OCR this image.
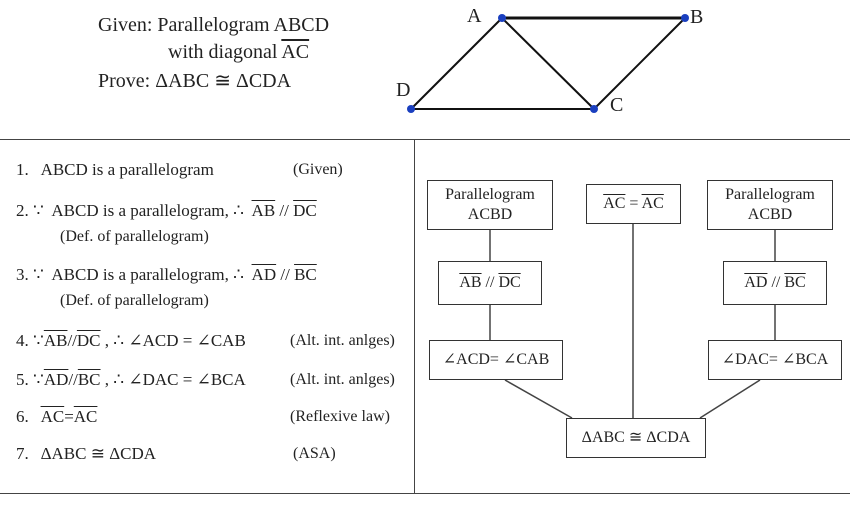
Given: Parallelogram ABCD
with diagonal $\overline{AC}$
Prove: ΔABC ≅ ΔCDA
A	B
C
D
1. ABCD is a parallelogram	(Given)
2. ∵ ABCD is a parallelogram, ∴ $\overline{AB} // \overline{DC}$
(Def. of parallelogram)
3. ∵ ABCD is a parallelogram, ∴ $\overline{AD} // \overline{BC}$
(Def. of parallelogram)
4. $\because\overline{AB}//\overline{DC}$ , ∴ ∠ACD = ∠CAB	(Alt. int. anlges)
5. $\because\overline{AD}//\overline{BC}$ , ∴ ∠DAC = ∠BCA	(Alt. int. anlges)
6. $\overline{AC}=\overline{AC}$	(Reflexive law)
7. ΔABC ≅ ΔCDA	(ASA)
Parallelogram
ACBD
$\overline{AC} = \overline{AC}$
Parallelogram
ACBD
$\overline{AB} // \overline{DC}$	$\overline{AD} // \overline{BC}$
∠ACD= ∠CAB	∠DAC= ∠BCA
ΔABC ≅ ΔCDA
